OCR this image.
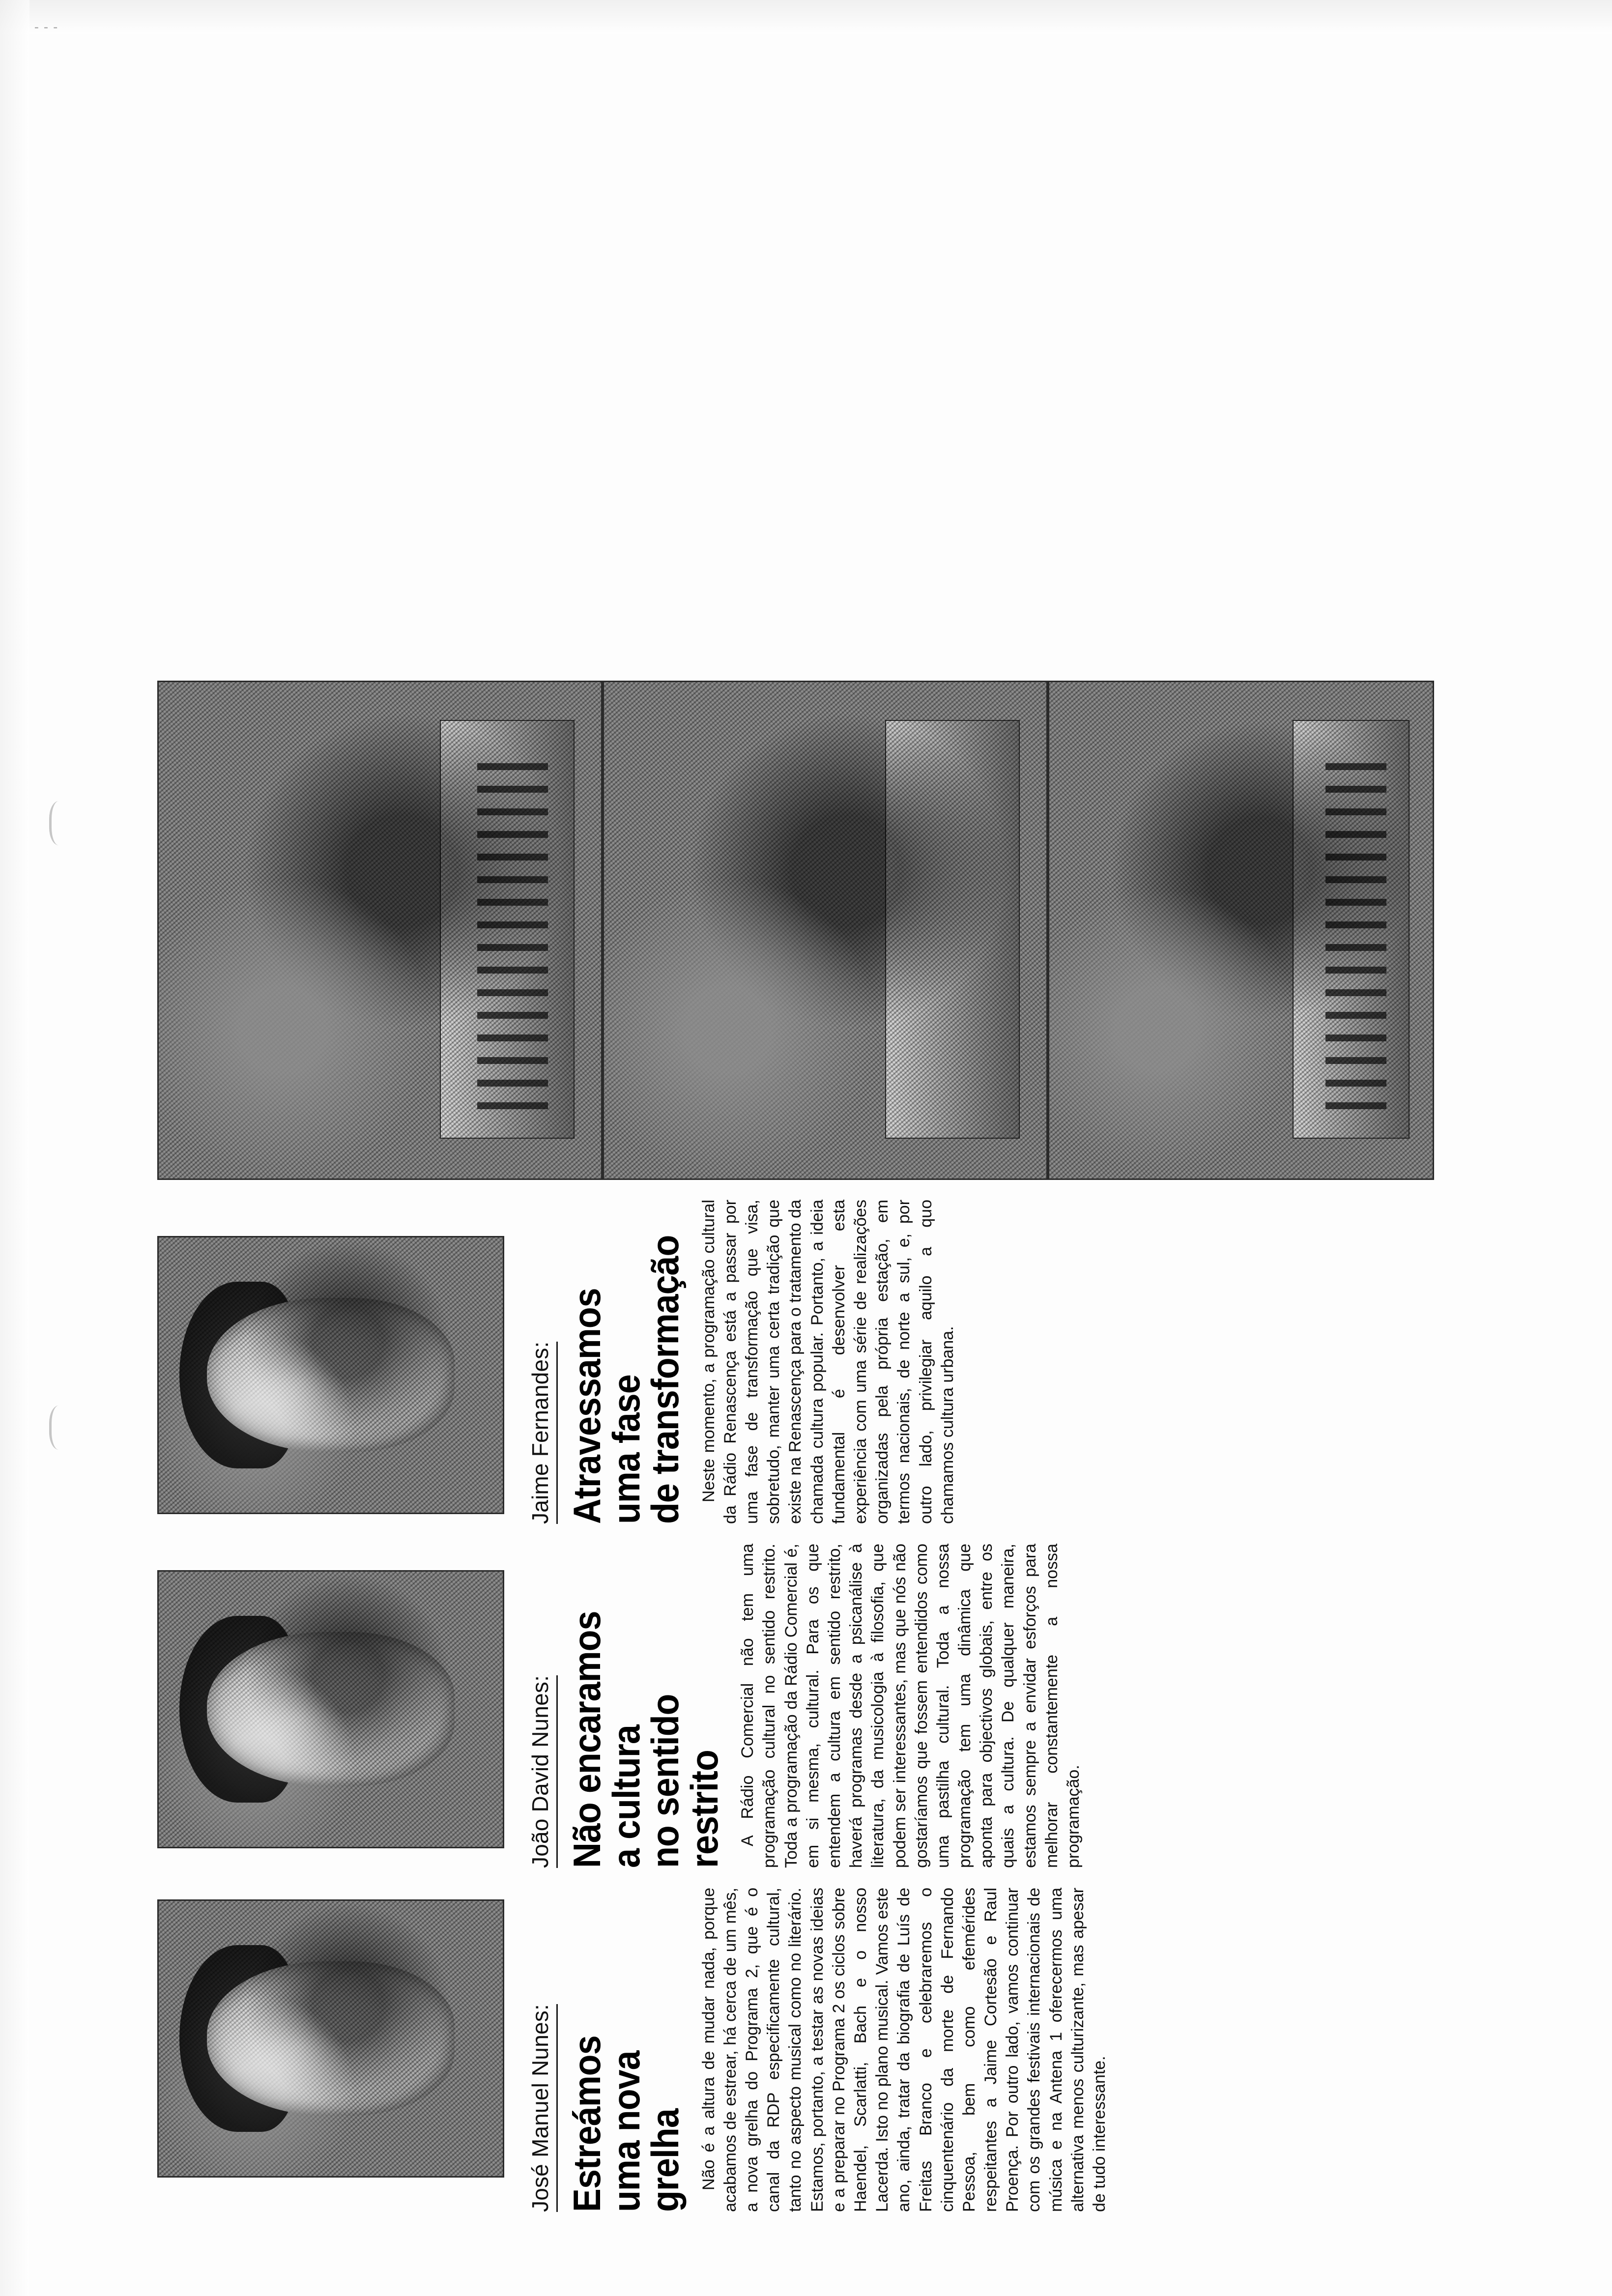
- - -
José Manuel Nunes: Estreámos
uma nova
grelha Não é a altura de mudar nada, porque acabamos de estrear, há cerca de um mês, a nova grelha do Programa 2, que é o canal da RDP especificamente cultural, tanto no aspecto musical como no literário. Estamos, portanto, a testar as novas ideias e a preparar no Programa 2 os ciclos sobre Haendel, Scarlatti, Bach e o nosso Lacerda. Isto no plano musical. Vamos este ano, ainda, tratar da biografia de Luís de Freitas Branco e celebraremos o cinquentenário da morte de Fernando Pessoa, bem como efemérides respeitantes a Jaime Cortesão e Raul Proença. Por outro lado, vamos continuar com os grandes festivais internacionais de música e na Antena 1 oferecermos uma alternativa menos culturizante, mas apesar de tudo interessante.

João David Nunes: Não encaramos
a cultura
no sentido
restrito A Rádio Comercial não tem uma programação cultural no sentido restrito. Toda a programação da Rádio Comercial é, em si mesma, cultural. Para os que entendem a cultura em sentido restrito, haverá programas desde a psicanálise à literatura, da musicologia à filosofia, que podem ser interessantes, mas que nós não gostaríamos que fossem entendidos como uma pastilha cultural. Toda a nossa programação tem uma dinâmica que aponta para objectivos globais, entre os quais a cultura. De qualquer maneira, estamos sempre a envidar esforços para melhorar constantemente a nossa programação.

Jaime Fernandes: Atravessamos
uma fase
de transformação Neste momento, a programação cultural da Rádio Renascença está a passar por uma fase de transformação que visa, sobretudo, manter uma certa tradição que existe na Renascença para o tratamento da chamada cultura popular. Portanto, a ideia fundamental é desenvolver esta experiência com uma série de realizações organizadas pela própria estação, em termos nacionais, de norte a sul, e, por outro lado, privilegiar aquilo a quo chamamos cultura urbana.
